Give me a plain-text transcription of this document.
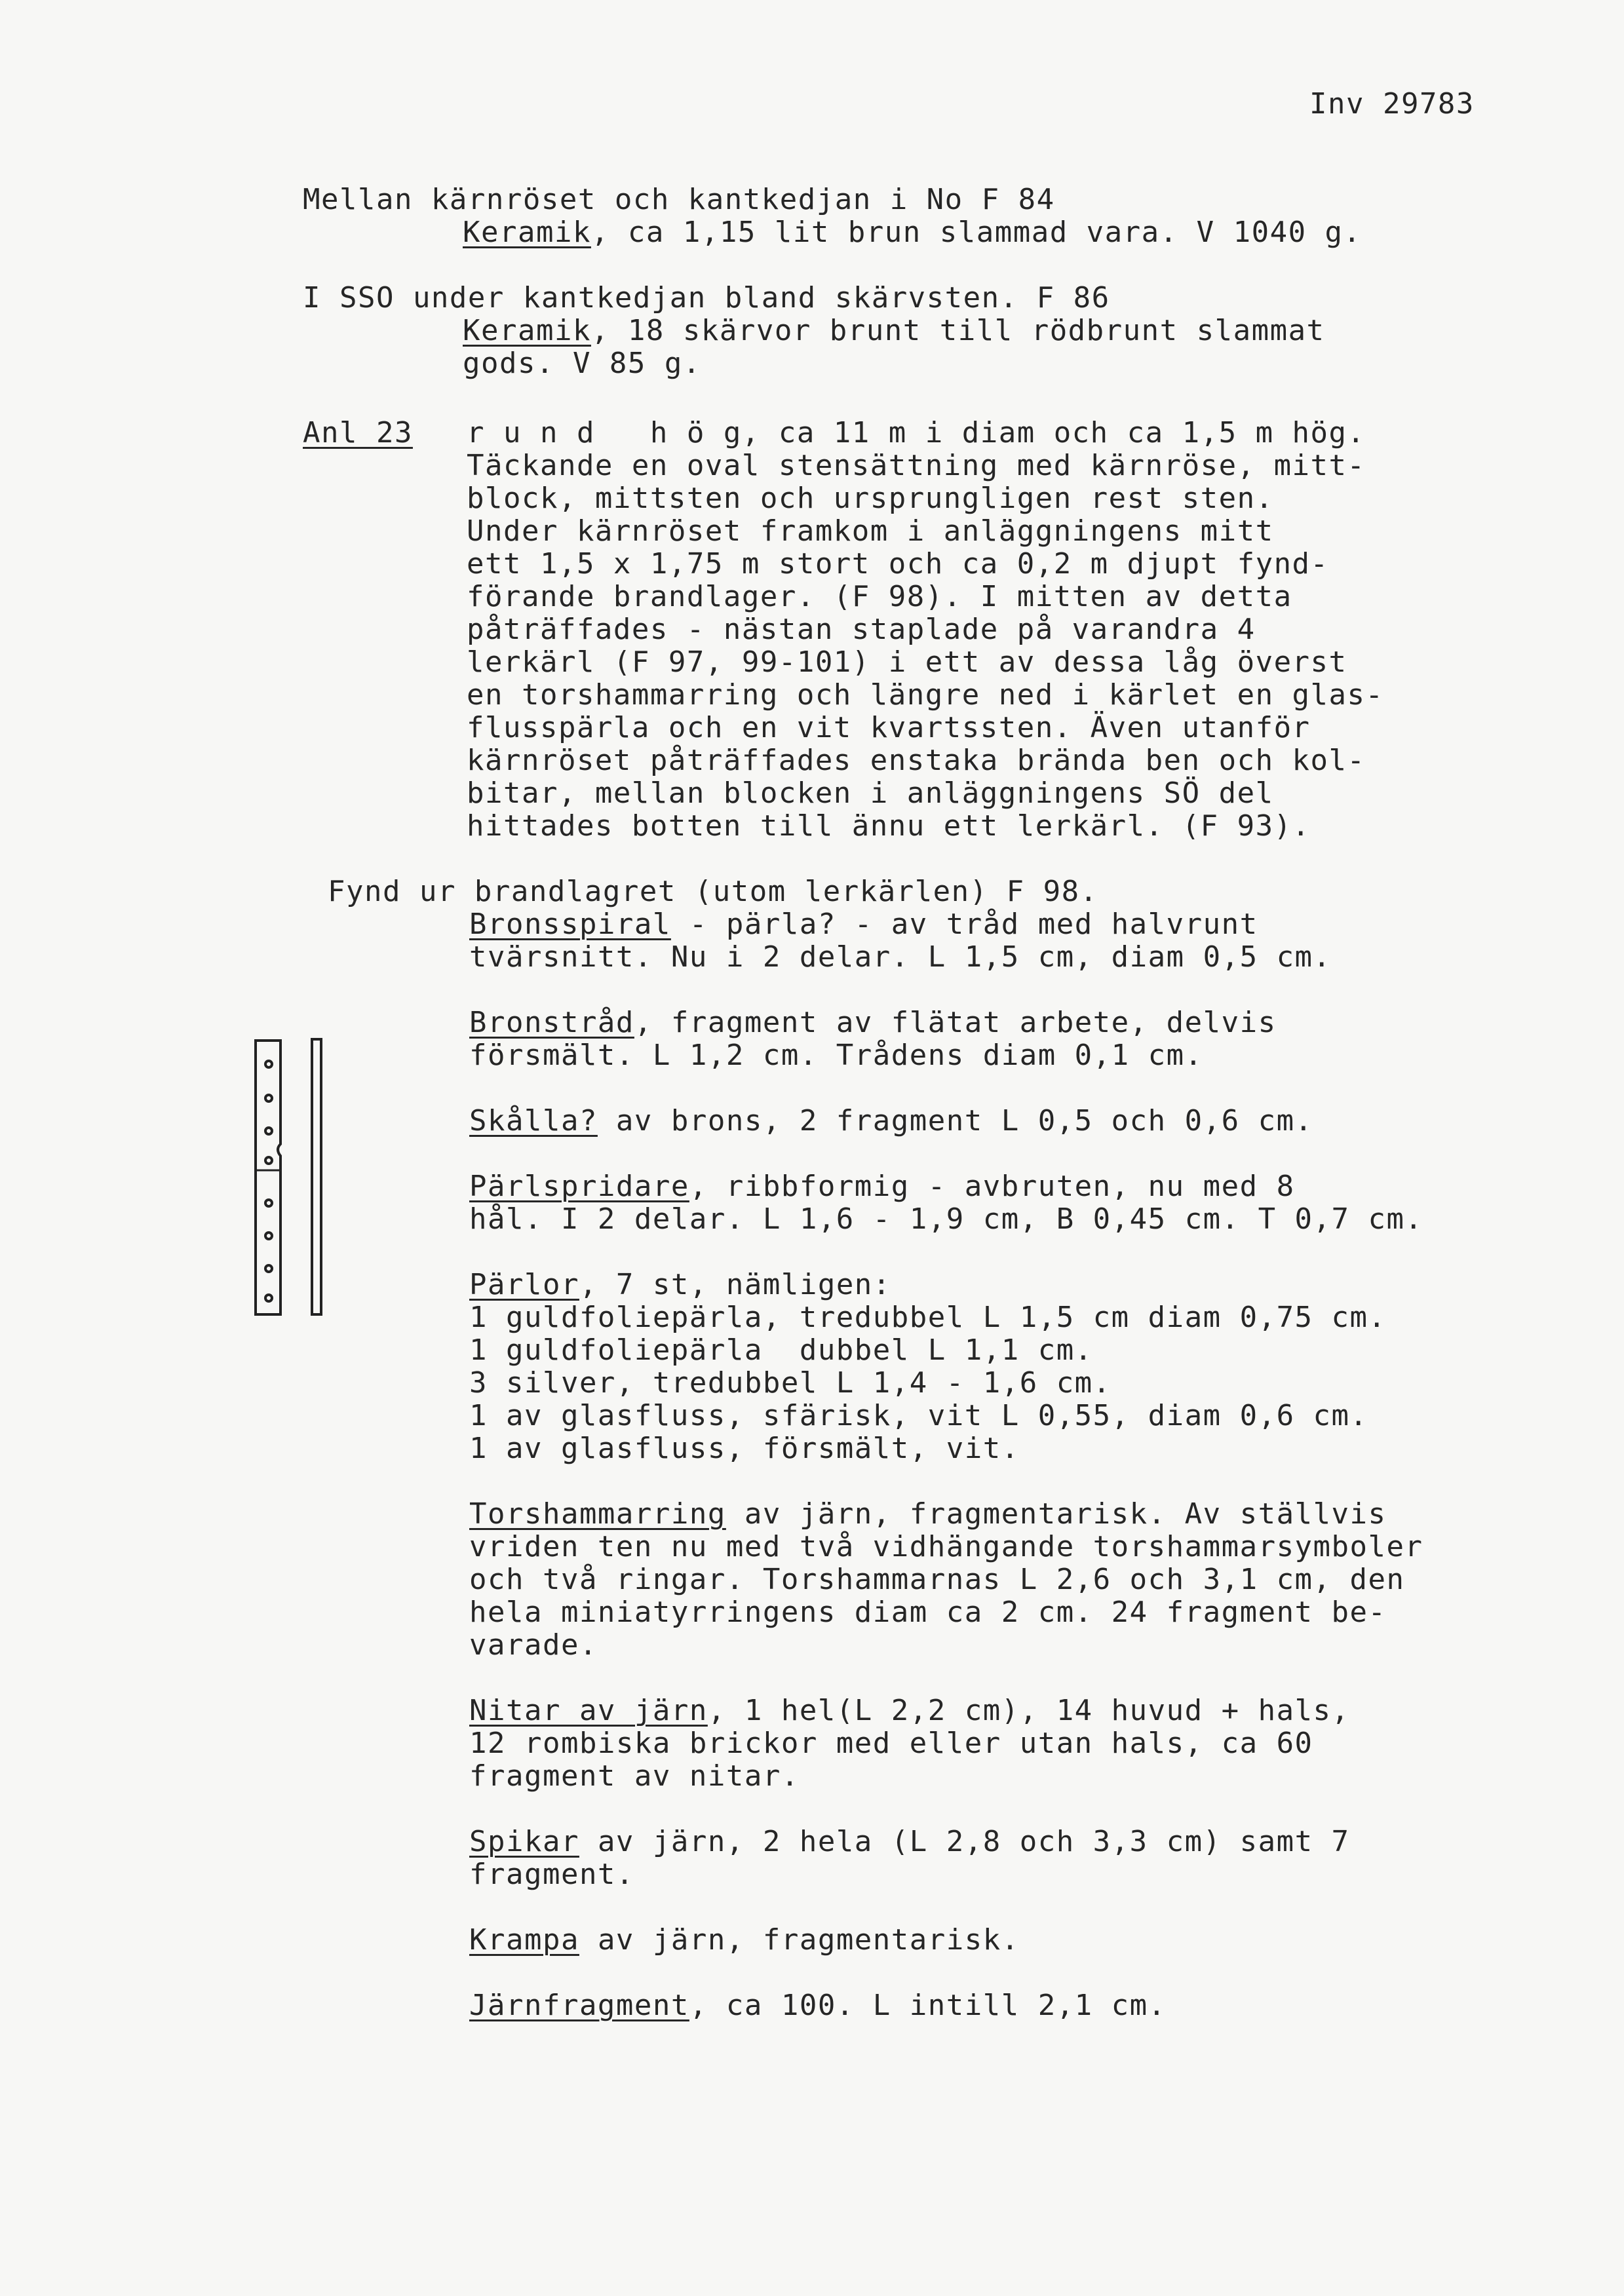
Inv 29783
Mellan kärnröset och kantkedjan i No F 84
Keramik, ca 1,15 lit brun slammad vara. V 1040 g.
I SSO under kantkedjan bland skärvsten. F 86
Keramik, 18 skärvor brunt till rödbrunt slammat
gods. V 85 g.
Anl 23 r u n d   h ö g, ca 11 m i diam och ca 1,5 m hög.
Täckande en oval stensättning med kärnröse, mitt-
block, mittsten och ursprungligen rest sten.
Under kärnröset framkom i anläggningens mitt
ett 1,5 x 1,75 m stort och ca 0,2 m djupt fynd-
förande brandlager. (F 98). I mitten av detta
påträffades - nästan staplade på varandra 4
lerkärl (F 97, 99-101) i ett av dessa låg överst
en torshammarring och längre ned i kärlet en glas-
flusspärla och en vit kvartssten. Även utanför
kärnröset påträffades enstaka brända ben och kol-
bitar, mellan blocken i anläggningens SÖ del
hittades botten till ännu ett lerkärl. (F 93).
Fynd ur brandlagret (utom lerkärlen) F 98.
Bronsspiral - pärla? - av tråd med halvrunt
tvärsnitt. Nu i 2 delar. L 1,5 cm, diam 0,5 cm.
Bronstråd, fragment av flätat arbete, delvis
försmält. L 1,2 cm. Trådens diam 0,1 cm.
Skålla? av brons, 2 fragment L 0,5 och 0,6 cm.
Pärlspridare, ribbformig - avbruten, nu med 8
hål. I 2 delar. L 1,6 - 1,9 cm, B 0,45 cm. T 0,7 cm.
Pärlor, 7 st, nämligen:
1 guldfoliepärla, tredubbel L 1,5 cm diam 0,75 cm.
1 guldfoliepärla  dubbel L 1,1 cm.
3 silver, tredubbel L 1,4 - 1,6 cm.
1 av glasfluss, sfärisk, vit L 0,55, diam 0,6 cm.
1 av glasfluss, försmält, vit.
Torshammarring av järn, fragmentarisk. Av ställvis
vriden ten nu med två vidhängande torshammarsymboler
och två ringar. Torshammarnas L 2,6 och 3,1 cm, den
hela miniatyrringens diam ca 2 cm. 24 fragment be-
varade.
Nitar av järn, 1 hel(L 2,2 cm), 14 huvud + hals,
12 rombiska brickor med eller utan hals, ca 60
fragment av nitar.
Spikar av järn, 2 hela (L 2,8 och 3,3 cm) samt 7
fragment.
Krampa av järn, fragmentarisk.
Järnfragment, ca 100. L intill 2,1 cm.
